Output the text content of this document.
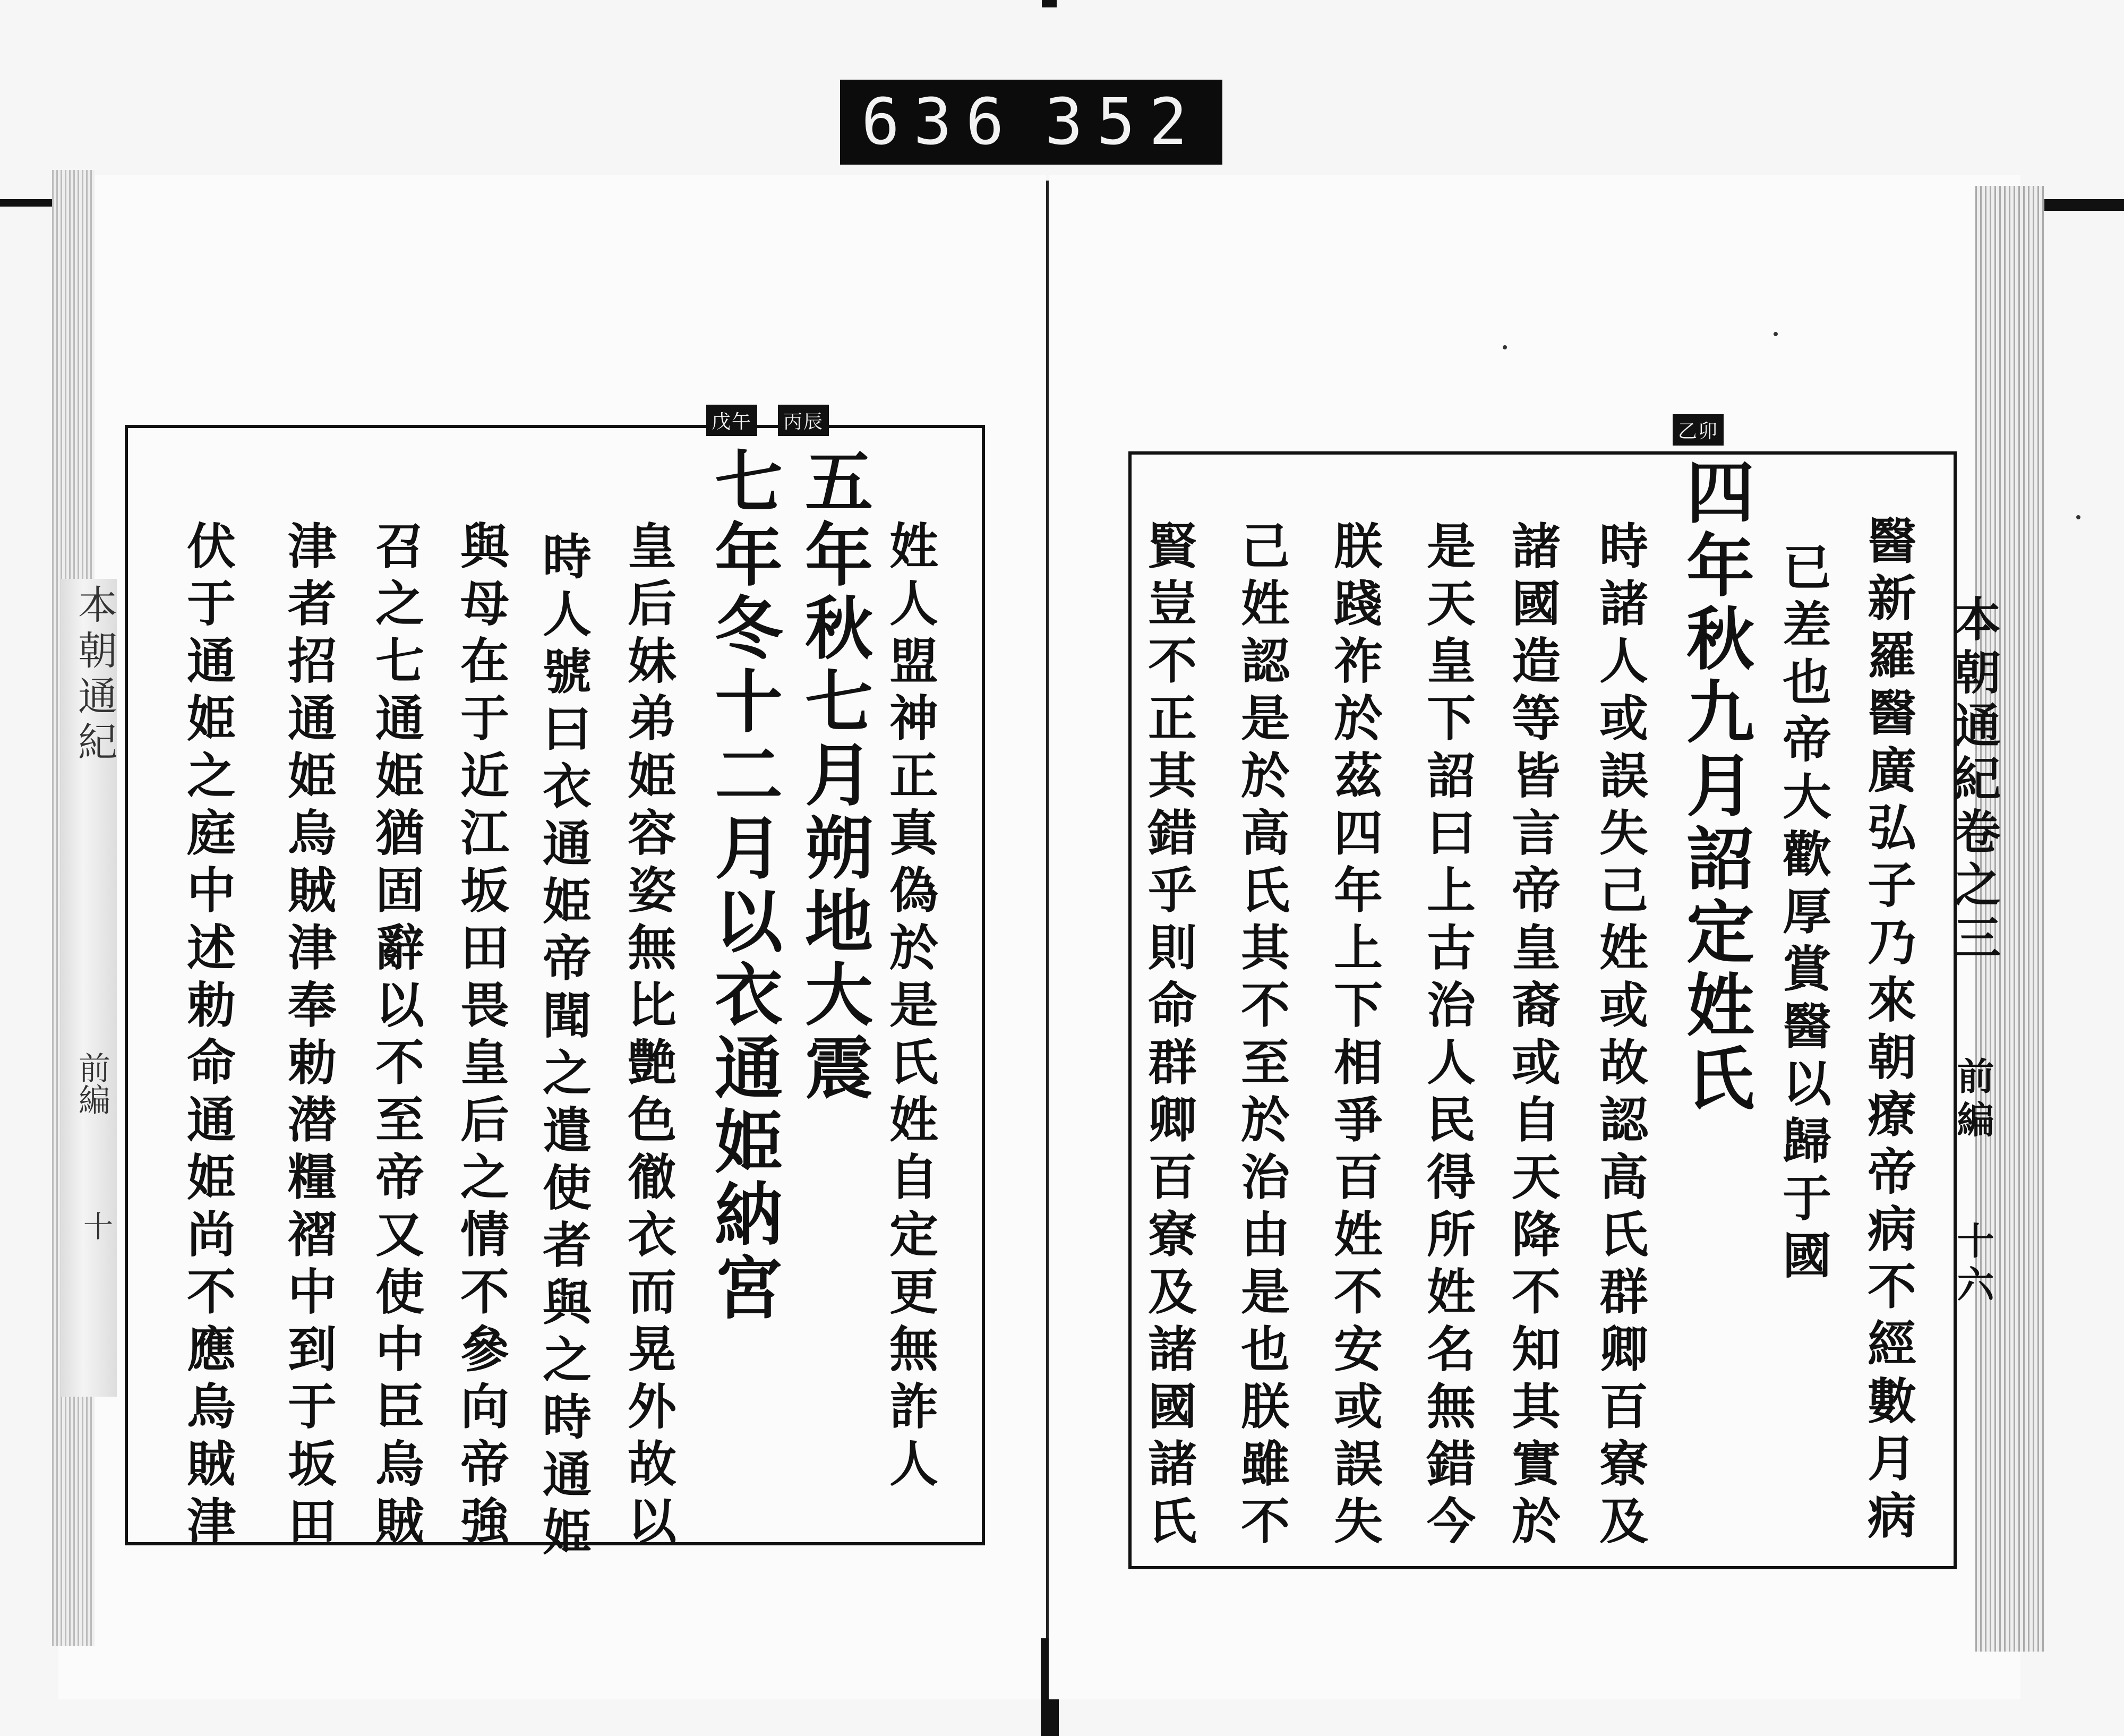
636 352
本朝通紀
前編
十
戊午 丙辰
姓人盟神正真偽於是氏姓自定更無詐人
五年秋七月朔地大震
七年冬十二月以衣通姫納宮
皇后妹弟姫容姿無比艶色徹衣而晃外故以
時人號曰衣通姫帝聞之遣使者與之時通姫
與母在于近江坂田畏皇后之情不參向帝強
召之七通姫猶固辭以不至帝又使中臣烏賊
津者招通姫烏賊津奉勅潜糧褶中到于坂田
伏于通姫之庭中述勅命通姫尚不應烏賊津
乙卯
本朝通紀卷之三
前編
十六
醫新羅醫廣弘子乃來朝療帝病不經數月病
已差也帝大歡厚賞醫以歸于國
四年秋九月詔定姓氏
時諸人或誤失己姓或故認高氏群卿百寮及
諸國造等皆言帝皇裔或自天降不知其實於
是天皇下詔曰上古治人民得所姓名無錯今
朕踐祚於茲四年上下相爭百姓不安或誤失
己姓認是於高氏其不至於治由是也朕雖不
賢豈不正其錯乎則命群卿百寮及諸國諸氏
